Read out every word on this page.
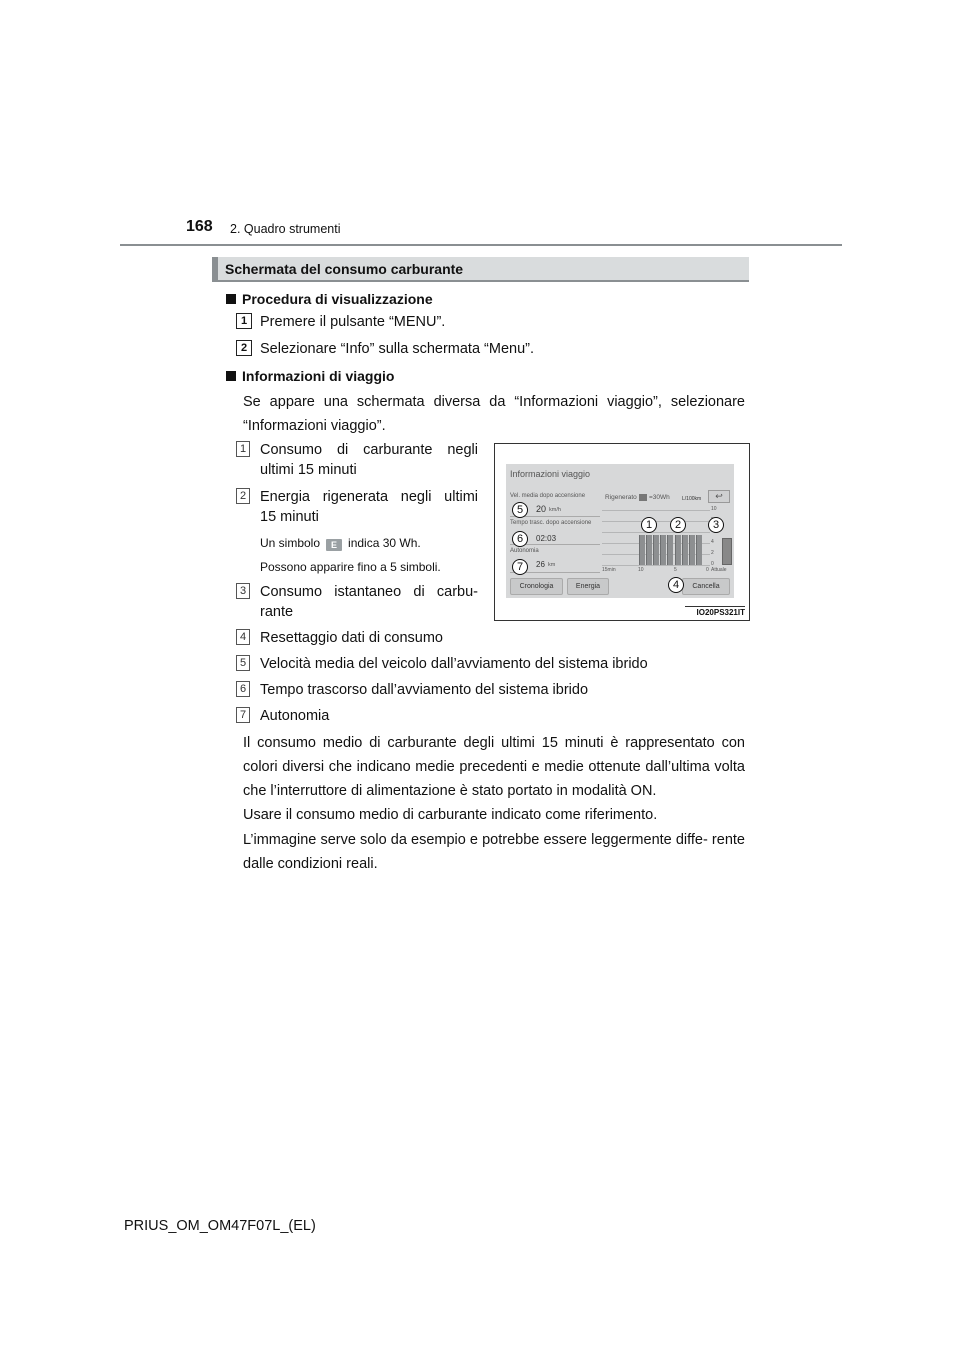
168 2. Quadro strumenti
Schermata del consumo carburante
Procedura di visualizzazione
1 Premere il pulsante “MENU”.
2 Selezionare “Info” sulla schermata “Menu”.
Informazioni di viaggio
Se appare una schermata diversa da “Informazioni viaggio”, selezionare
“Informazioni viaggio”.
1 Consumo di carburante negli
ultimi 15 minuti
2 Energia rigenerata negli ultimi
15 minuti
Un simbolo E indica 30 Wh.
Possono apparire fino a 5 simboli.
3 Consumo istantaneo di carbu-
rante
4 Resettaggio dati di consumo
5 Velocità media del veicolo dall’avviamento del sistema ibrido
6 Tempo trascorso dall’avviamento del sistema ibrido
7 Autonomia
Il consumo medio di carburante degli ultimi 15 minuti è rappresentato con colori diversi che indicano medie precedenti e medie ottenute dall’ultima volta che l’interruttore di alimentazione è stato portato in modalità ON.
Usare il consumo medio di carburante indicato come riferimento.
L’immagine serve solo da esempio e potrebbe essere leggermente diffe- rente dalle condizioni reali.
Informazioni viaggio
Vel. media dopo accensione
20 km/h
Tempo trasc. dopo accensione
02:03
Autonomia
26 km
Rigenerato =30Wh L/100km	↩
10
4
2
0
Attuale
15min	10	5	0
Cronologia	Energia	Cancella
1	2	3
4
5
6
7
IO20PS321IT
PRIUS_OM_OM47F07L_(EL)
